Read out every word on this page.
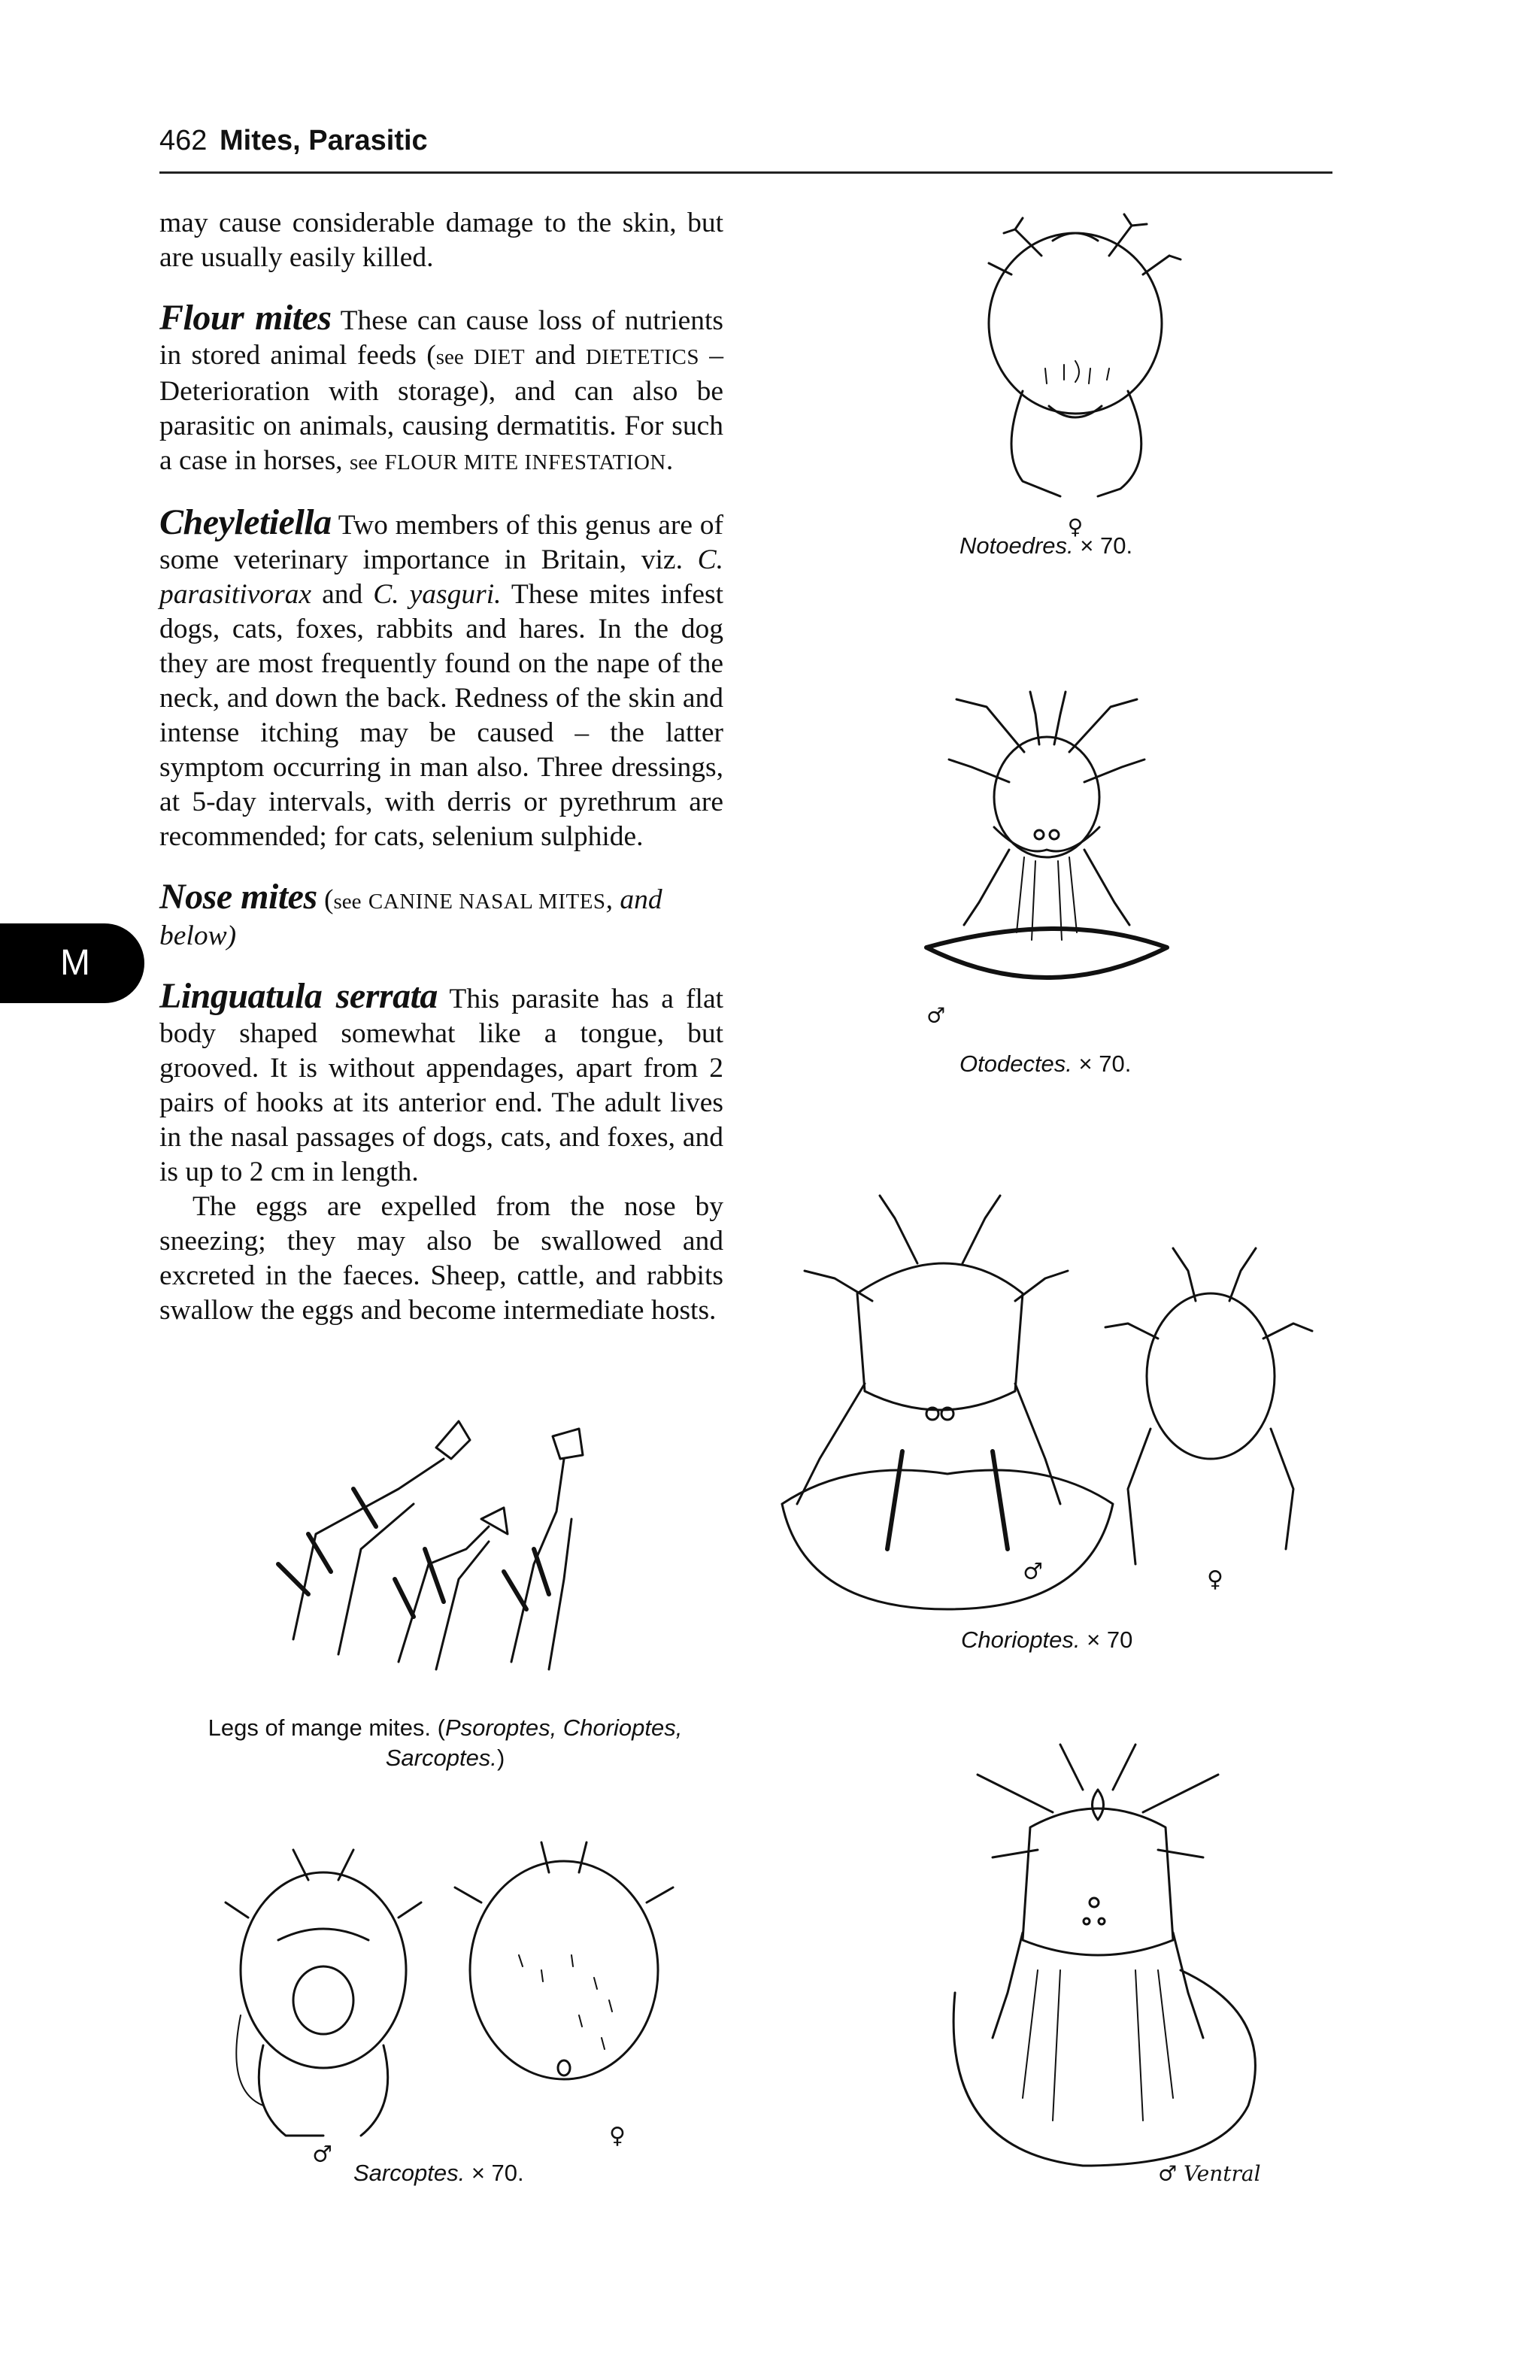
462 Mites, Parasitic

may cause considerable damage to the skin, but are usually easily killed.

Flour mites These can cause loss of nutrients in stored animal feeds (see DIET and DIETETICS – Deterioration with storage), and can also be parasitic on animals, causing dermatitis. For such a case in horses, see FLOUR MITE INFESTATION.

Cheyletiella Two members of this genus are of some veterinary importance in Britain, viz. C. parasitivorax and C. yasguri. These mites infest dogs, cats, foxes, rabbits and hares. In the dog they are most frequently found on the nape of the neck, and down the back. Redness of the skin and intense itching may be caused – the latter symptom occurring in man also. Three dressings, at 5-day intervals, with derris or pyrethrum are recommended; for cats, selenium sulphide.

Nose mites (see CANINE NASAL MITES, and below)

Linguatula serrata This parasite has a flat body shaped somewhat like a tongue, but grooved. It is without appendages, apart from 2 pairs of hooks at its anterior end. The adult lives in the nasal passages of dogs, cats, and foxes, and is up to 2 cm in length.

The eggs are expelled from the nose by sneezing; they may also be swallowed and excreted in the faeces. Sheep, cattle, and rabbits swallow the eggs and become intermediate hosts.

M
♀
Notoedres. × 70.
♂
Otodectes. × 70.
♂	♀
Chorioptes. × 70
Legs of mange mites. (Psoroptes, Chorioptes,
Sarcoptes.)
♂
♀
Sarcoptes. × 70.	♂ Ventral
